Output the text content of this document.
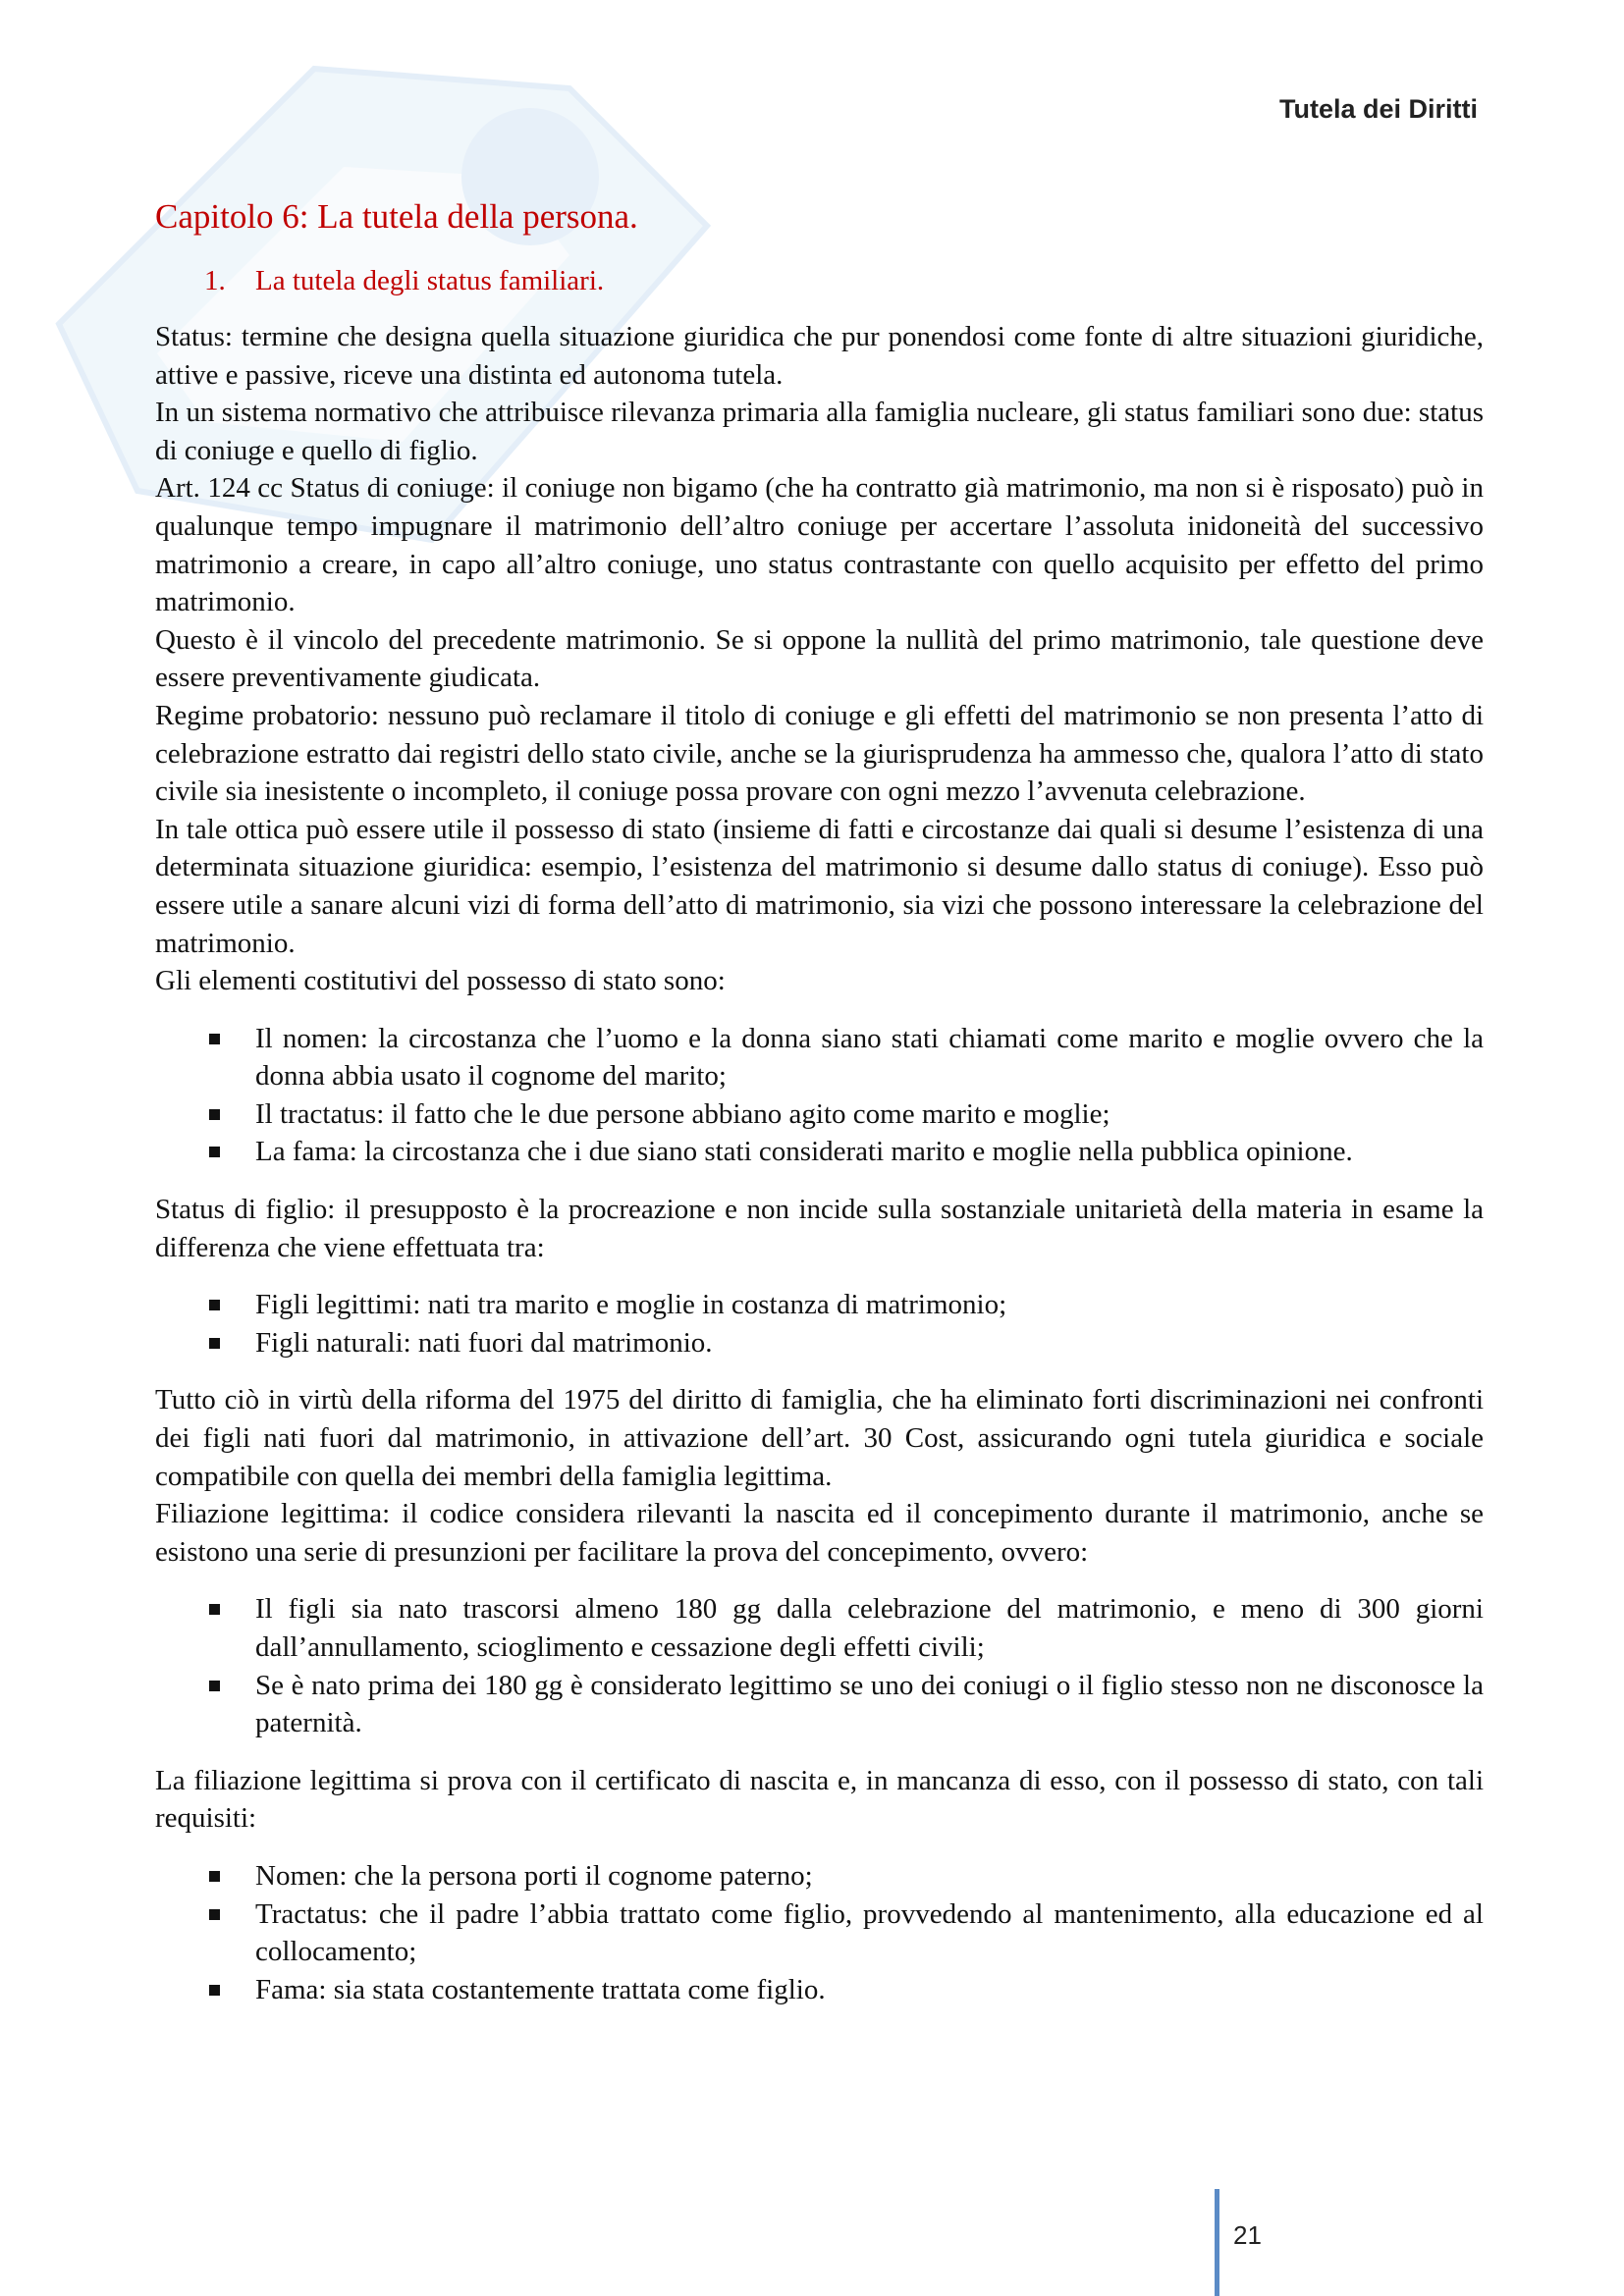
Tutela dei Diritti
Capitolo 6: La tutela della persona.
1. La tutela degli status familiari.

Status: termine che designa quella situazione giuridica che pur ponendosi come fonte di altre situazioni giuridiche, attive e passive, riceve una distinta ed autonoma tutela.

In un sistema normativo che attribuisce rilevanza primaria alla famiglia nucleare, gli status familiari sono due: status di coniuge e quello di figlio.

Art. 124 cc Status di coniuge: il coniuge non bigamo (che ha contratto già matrimonio, ma non si è risposato) può in qualunque tempo impugnare il matrimonio dell’altro coniuge per accertare l’assoluta inidoneità del successivo matrimonio a creare, in capo all’altro coniuge, uno status contrastante con quello acquisito per effetto del primo matrimonio.

Questo è il vincolo del precedente matrimonio. Se si oppone la nullità del primo matrimonio, tale questione deve essere preventivamente giudicata.

Regime probatorio: nessuno può reclamare il titolo di coniuge e gli effetti del matrimonio se non presenta l’atto di celebrazione estratto dai registri dello stato civile, anche se la giurisprudenza ha ammesso che, qualora l’atto di stato civile sia inesistente o incompleto, il coniuge possa provare con ogni mezzo l’avvenuta celebrazione.

In tale ottica può essere utile il possesso di stato (insieme di fatti e circostanze dai quali si desume l’esistenza di una determinata situazione giuridica: esempio, l’esistenza del matrimonio si desume dallo status di coniuge). Esso può essere utile a sanare alcuni vizi di forma dell’atto di matrimonio, sia vizi che possono interessare la celebrazione del matrimonio.

Gli elementi costitutivi del possesso di stato sono:

Il nomen: la circostanza che l’uomo e la donna siano stati chiamati come marito e moglie ovvero che la donna abbia usato il cognome del marito;
Il tractatus: il fatto che le due persone abbiano agito come marito e moglie;
La fama: la circostanza che i due siano stati considerati marito e moglie nella pubblica opinione.

Status di figlio: il presupposto è la procreazione e non incide sulla sostanziale unitarietà della materia in esame la differenza che viene effettuata tra:

Figli legittimi: nati tra marito e moglie in costanza di matrimonio;
Figli naturali: nati fuori dal matrimonio.

Tutto ciò in virtù della riforma del 1975 del diritto di famiglia, che ha eliminato forti discriminazioni nei confronti dei figli nati fuori dal matrimonio, in attivazione dell’art. 30 Cost, assicurando ogni tutela giuridica e sociale compatibile con quella dei membri della famiglia legittima.

Filiazione legittima: il codice considera rilevanti la nascita ed il concepimento durante il matrimonio, anche se esistono una serie di presunzioni per facilitare la prova del concepimento, ovvero:

Il figli sia nato trascorsi almeno 180 gg dalla celebrazione del matrimonio, e meno di 300 giorni dall’annullamento, scioglimento e cessazione degli effetti civili;
Se è nato prima dei 180 gg è considerato legittimo se uno dei coniugi o il figlio stesso non ne disconosce la paternità.

La filiazione legittima si prova con il certificato di nascita e, in mancanza di esso, con il possesso di stato, con tali requisiti:

Nomen: che la persona porti il cognome paterno;
Tractatus: che il padre l’abbia trattato come figlio, provvedendo al mantenimento, alla educazione ed al collocamento;
Fama: sia stata costantemente trattata come figlio.
21
